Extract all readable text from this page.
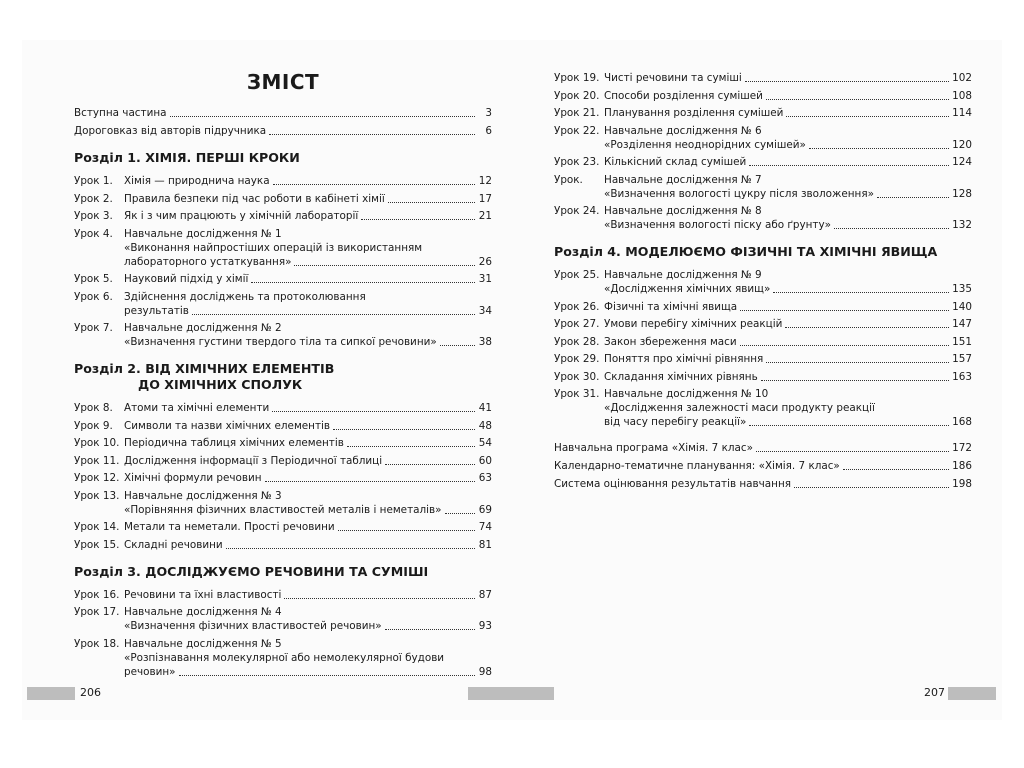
ЗМІСТ
Вступна частина	3
Дороговказ від авторів підручника	6
Розділ 1. ХІМІЯ. ПЕРШІ КРОКИ
Урок 1.	Хімія — природнича наука	12
Урок 2.	Правила безпеки під час роботи в кабінеті хімії	17
Урок 3.	Як і з чим працюють у хімічній лабораторії	21
Урок 4.	Навчальне дослідження № 1
«Виконання найпростіших операцій із використанням
лабораторного устаткування»	26
Урок 5.	Науковий підхід у хімії	31
Урок 6.	Здійснення досліджень та протоколювання
результатів	34
Урок 7.	Навчальне дослідження № 2
«Визначення густини твердого тіла та сипкої речовини»	38
Розділ 2. ВІД ХІМІЧНИХ ЕЛЕМЕНТІВ
ДО ХІМІЧНИХ СПОЛУК
Урок 8.	Атоми та хімічні елементи	41
Урок 9.	Символи та назви хімічних елементів	48
Урок 10. Періодична таблиця хімічних елементів	54
Урок 11. Дослідження інформації з Періодичної таблиці	60
Урок 12. Хімічні формули речовин	63
Урок 13. Навчальне дослідження № 3
«Порівняння фізичних властивостей металів і неметалів»	69
Урок 14. Метали та неметали. Прості речовини	74
Урок 15. Складні речовини	81
Розділ 3. ДОСЛІДЖУЄМО РЕЧОВИНИ ТА СУМІШІ
Урок 16. Речовини та їхні властивості	87
Урок 17. Навчальне дослідження № 4
«Визначення фізичних властивостей речовин»	93
Урок 18. Навчальне дослідження № 5
«Розпізнавання молекулярної або немолекулярної будови
речовин»	98
Урок 19. Чисті речовини та суміші	102
Урок 20. Способи розділення сумішей	108
Урок 21. Планування розділення сумішей	114
Урок 22. Навчальне дослідження № 6
«Розділення неоднорідних сумішей»	120
Урок 23. Кількісний склад сумішей	124
Урок.	Навчальне дослідження № 7
«Визначення вологості цукру після зволоження»	128
Урок 24. Навчальне дослідження № 8
«Визначення вологості піску або ґрунту»	132
Розділ 4. МОДЕЛЮЄМО ФІЗИЧНІ ТА ХІМІЧНІ ЯВИЩА
Урок 25. Навчальне дослідження № 9
«Дослідження хімічних явищ»	135
Урок 26. Фізичні та хімічні явища	140
Урок 27. Умови перебігу хімічних реакцій	147
Урок 28. Закон збереження маси	151
Урок 29. Поняття про хімічні рівняння	157
Урок 30. Складання хімічних рівнянь	163
Урок 31. Навчальне дослідження № 10
«Дослідження залежності маси продукту реакції
від часу перебігу реакції»	168
Навчальна програма «Хімія. 7 клас»	172
Календарно-тематичне планування: «Хімія. 7 клас»	186
Система оцінювання результатів навчання	198
206	207
